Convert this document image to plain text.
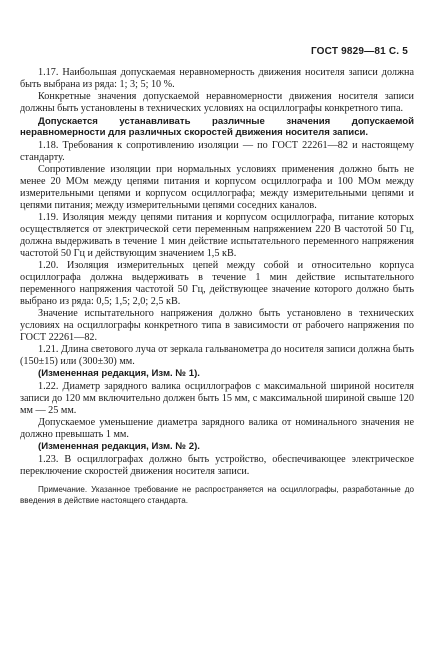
ГОСТ 9829—81 С. 5

1.17. Наибольшая допускаемая неравномерность движения носителя записи должна быть выбрана из ряда: 1; 3; 5; 10 %.

Конкретные значения допускаемой неравномерности движения носителя записи должны быть установлены в технических условиях на осциллографы конкретного типа.

Допускается устанавливать различные значения допускаемой неравномерности для различных скоростей движения носителя записи.

1.18. Требования к сопротивлению изоляции — по ГОСТ 22261—82 и настоящему стандарту.

Сопротивление изоляции при нормальных условиях применения должно быть не менее 20 МОм между цепями питания и корпусом осциллографа и 100 МОм между измерительными цепями и корпусом осциллографа; между измерительными цепями и цепями питания; между измерительными цепями соседних каналов.

1.19. Изоляция между цепями питания и корпусом осциллографа, питание которых осуществляется от электрической сети переменным напряжением 220 В частотой 50 Гц, должна выдерживать в течение 1 мин действие испытательного переменного напряжения частотой 50 Гц и действующим значением 1,5 кВ.

1.20. Изоляция измерительных цепей между собой и относительно корпуса осциллографа должна выдерживать в течение 1 мин действие испытательного переменного напряжения частотой 50 Гц, действующее значение которого должно быть выбрано из ряда: 0,5; 1,5; 2,0; 2,5 кВ.

Значение испытательного напряжения должно быть установлено в технических условиях на осциллографы конкретного типа в зависимости от рабочего напряжения по ГОСТ 22261—82.

1.21. Длина светового луча от зеркала гальванометра до носителя записи должна быть (150±15) или (300±30) мм.

(Измененная редакция, Изм. № 1).

1.22. Диаметр зарядного валика осциллографов с максимальной шириной носителя записи до 120 мм включительно должен быть 15 мм, с максимальной шириной свыше 120 мм — 25 мм.

Допускаемое уменьшение диаметра зарядного валика от номинального значения не должно превышать 1 мм.

(Измененная редакция, Изм. № 2).

1.23. В осциллографах должно быть устройство, обеспечивающее электрическое переключение скоростей движения носителя записи.

Примечание. Указанное требование не распространяется на осциллографы, разработанные до введения в действие настоящего стандарта.
